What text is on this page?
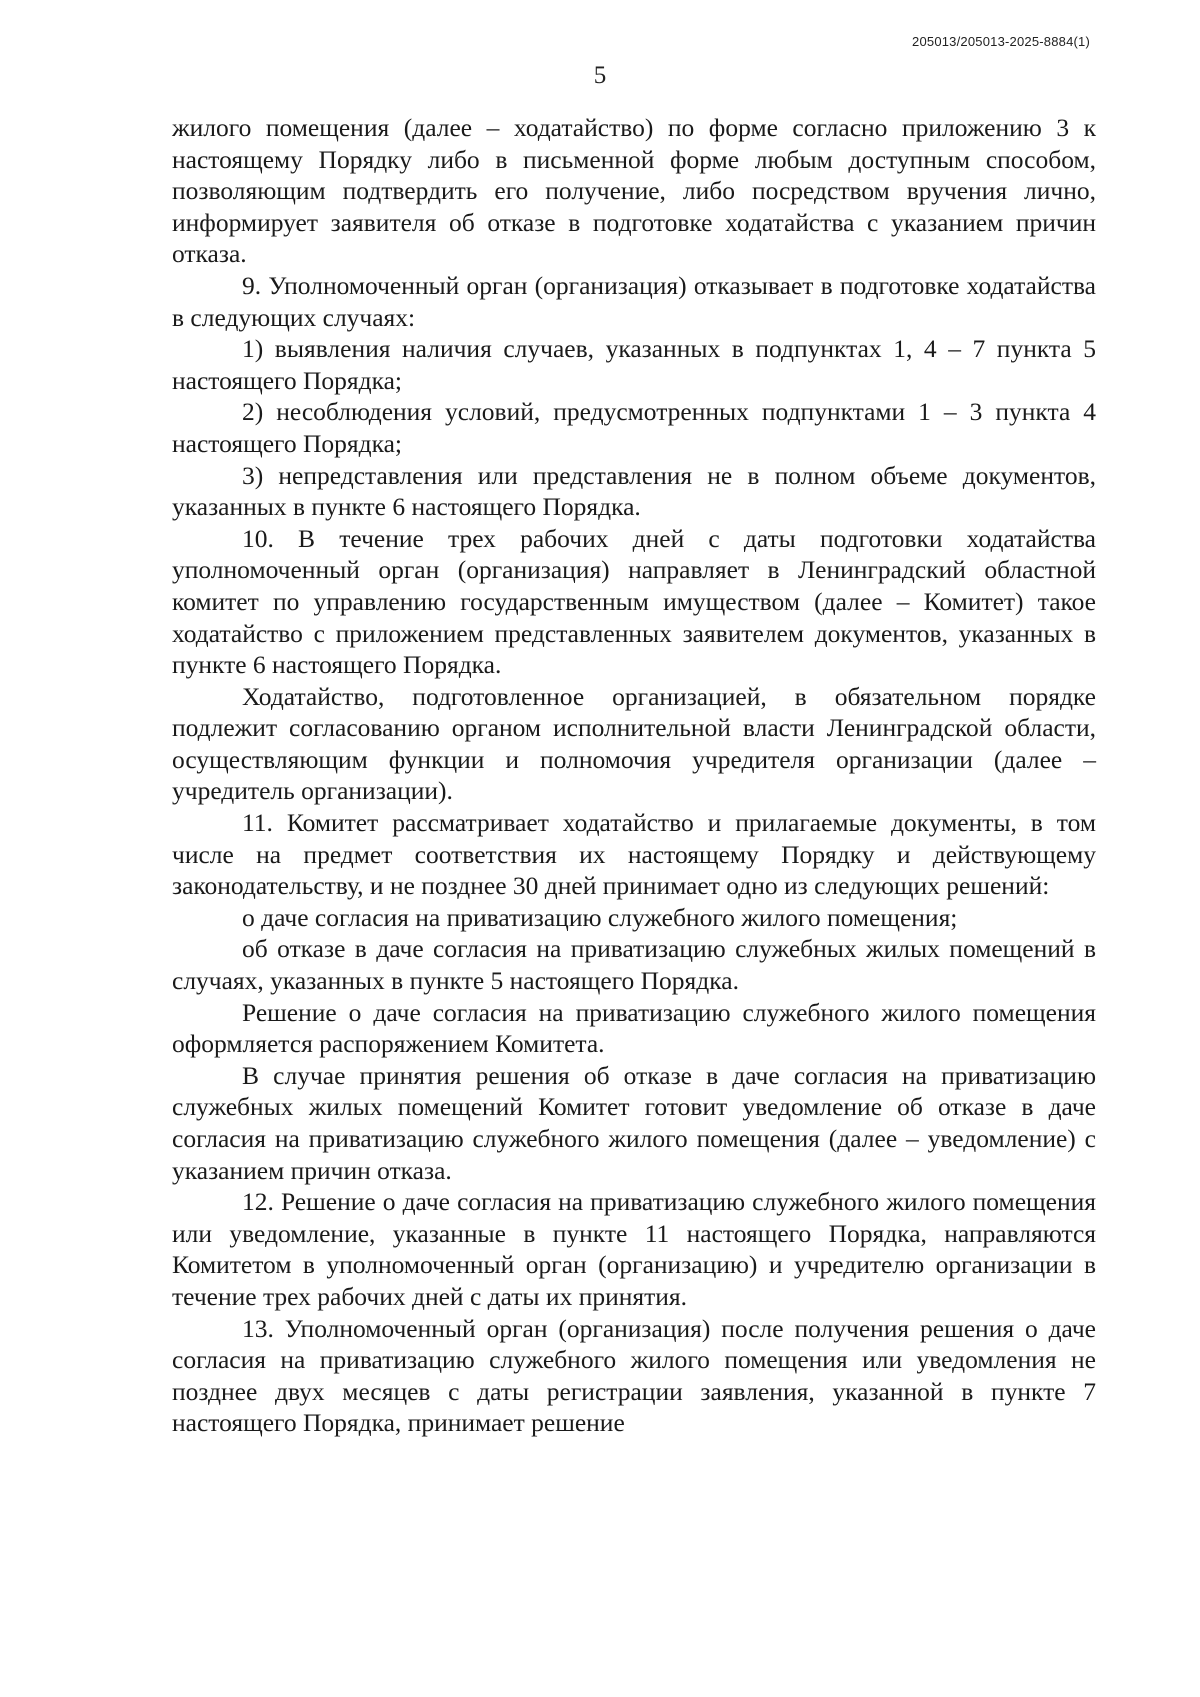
205013/205013-2025-8884(1)
5

жилого помещения (далее – ходатайство) по форме согласно приложению 3 к настоящему Порядку либо в письменной форме любым доступным способом, позволяющим подтвердить его получение, либо посредством вручения лично, информирует заявителя об отказе в подготовке ходатайства с указанием причин отказа.

9. Уполномоченный орган (организация) отказывает в подготовке ходатайства в следующих случаях:

1) выявления наличия случаев, указанных в подпунктах 1, 4 – 7 пункта 5 настоящего Порядка;

2) несоблюдения условий, предусмотренных подпунктами 1 – 3 пункта 4 настоящего Порядка;

3) непредставления или представления не в полном объеме документов, указанных в пункте 6 настоящего Порядка.

10. В течение трех рабочих дней с даты подготовки ходатайства уполномоченный орган (организация) направляет в Ленинградский областной комитет по управлению государственным имуществом (далее – Комитет) такое ходатайство с приложением представленных заявителем документов, указанных в пункте 6 настоящего Порядка.

Ходатайство, подготовленное организацией, в обязательном порядке подлежит согласованию органом исполнительной власти Ленинградской области, осуществляющим функции и полномочия учредителя организации (далее – учредитель организации).

11. Комитет рассматривает ходатайство и прилагаемые документы, в том числе на предмет соответствия их настоящему Порядку и действующему законодательству, и не позднее 30 дней принимает одно из следующих решений:

о даче согласия на приватизацию служебного жилого помещения;

об отказе в даче согласия на приватизацию служебных жилых помещений в случаях, указанных в пункте 5 настоящего Порядка.

Решение о даче согласия на приватизацию служебного жилого помещения оформляется распоряжением Комитета.

В случае принятия решения об отказе в даче согласия на приватизацию служебных жилых помещений Комитет готовит уведомление об отказе в даче согласия на приватизацию служебного жилого помещения (далее – уведомление) с указанием причин отказа.

12. Решение о даче согласия на приватизацию служебного жилого помещения или уведомление, указанные в пункте 11 настоящего Порядка, направляются Комитетом в уполномоченный орган (организацию) и учредителю организации в течение трех рабочих дней с даты их принятия.

13. Уполномоченный орган (организация) после получения решения о даче согласия на приватизацию служебного жилого помещения или уведомления не позднее двух месяцев с даты регистрации заявления, указанной в пункте 7 настоящего Порядка, принимает решение
